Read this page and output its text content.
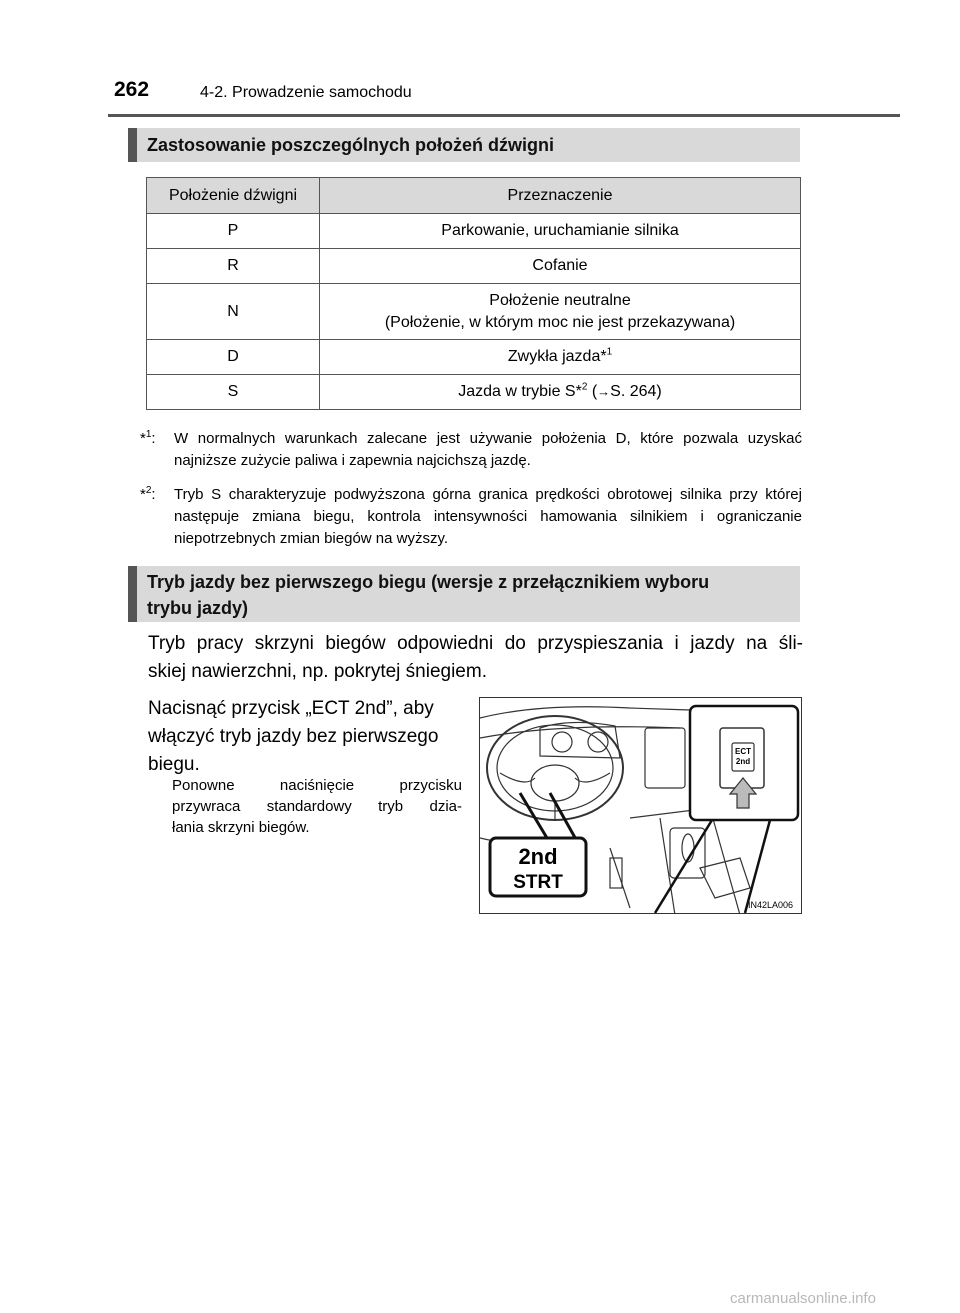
262	4-2. Prowadzenie samochodu
Zastosowanie poszczególnych położeń dźwigni
Położenie dźwigni	Przeznaczenie
P	Parkowanie, uruchamianie silnika
R	Cofanie
N	Położenie neutralne
(Położenie, w którym moc nie jest przekazywana)

D	Zwykła jazda*$^1$
S	Jazda w trybie S*$^2$ (→S. 264)
*$^1$: W normalnych warunkach zalecane jest używanie położenia D, które pozwala uzyskać najniższe zużycie paliwa i zapewnia najcichszą jazdę.
*$^2$: Tryb S charakteryzuje podwyższona górna granica prędkości obrotowej silnika przy której następuje zmiana biegu, kontrola intensywności hamowania silnikiem i ograniczanie niepotrzebnych zmian biegów na wyższy.
Tryb jazdy bez pierwszego biegu (wersje z przełącznikiem wyboru
trybu jazdy)
Tryb pracy skrzyni biegów odpowiedni do przyspieszania i jazdy na śli-
skiej nawierzchni, np. pokrytej śniegiem.
Nacisnąć przycisk „ECT 2nd”, aby
włączyć tryb jazdy bez pierwszego
biegu.
Ponowne naciśnięcie przycisku
przywraca standardowy tryb dzia-
łania skrzyni biegów.
ECT
2nd
2nd
STRT
IN42LA006
carmanualsonline.info
